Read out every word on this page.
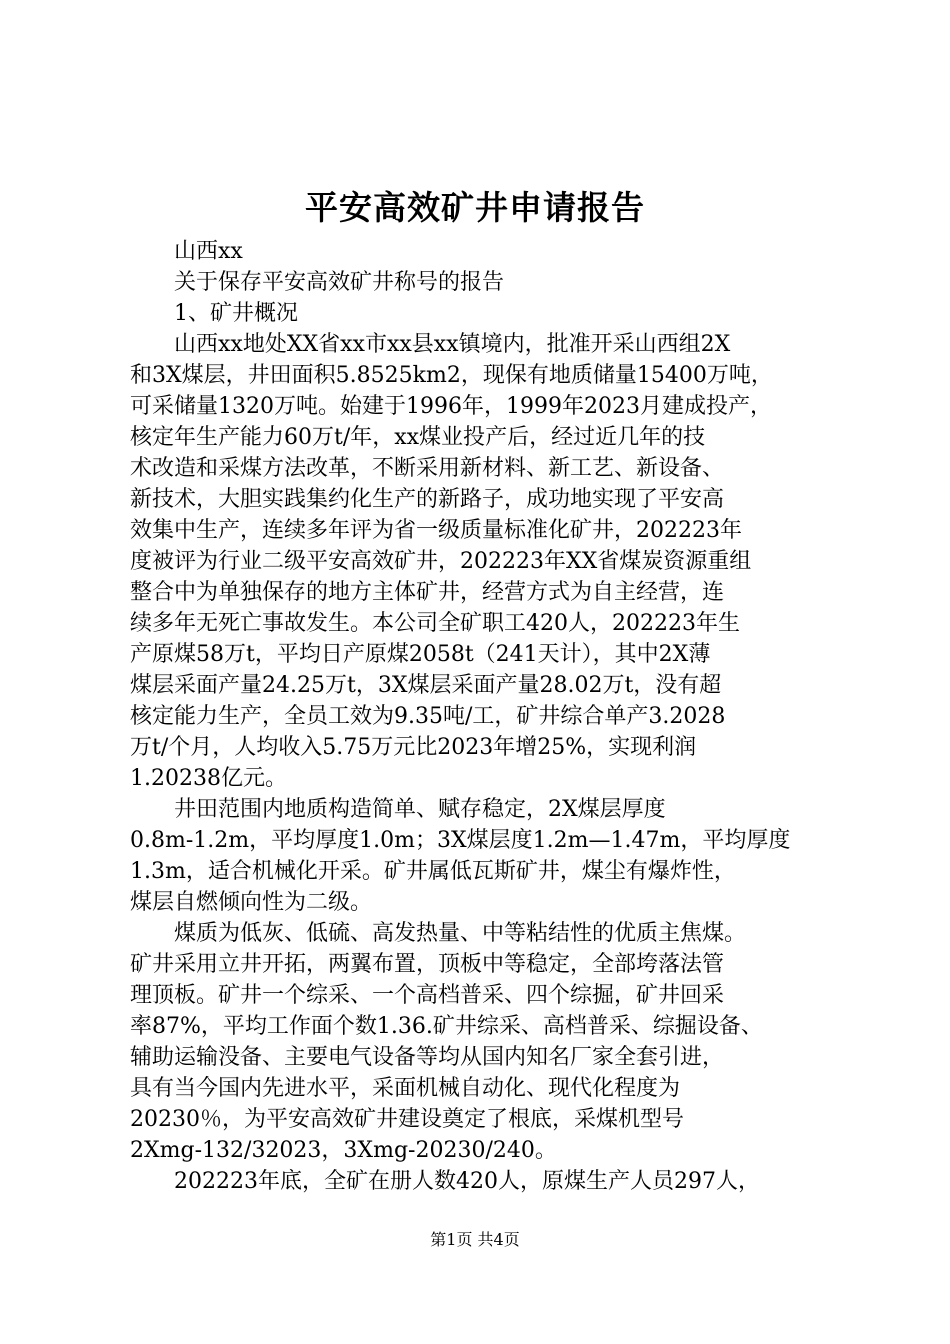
平安高效矿井申请报告
山西xx
关于保存平安高效矿井称号的报告
1、矿井概况
山西xx地处XX省xx市xx县xx镇境内，批准开采山西组2X
和3X煤层，井田面积5.8525km2，现保有地质储量15400万吨，
可采储量1320万吨。始建于1996年，1999年2023月建成投产，
核定年生产能力60万t/年，xx煤业投产后，经过近几年的技
术改造和采煤方法改革，不断采用新材料、新工艺、新设备、
新技术，大胆实践集约化生产的新路子，成功地实现了平安高
效集中生产，连续多年评为省一级质量标准化矿井，202223年
度被评为行业二级平安高效矿井，202223年XX省煤炭资源重组
整合中为单独保存的地方主体矿井，经营方式为自主经营，连
续多年无死亡事故发生。本公司全矿职工420人，202223年生
产原煤58万t，平均日产原煤2058t（241天计），其中2X薄
煤层采面产量24.25万t，3X煤层采面产量28.02万t，没有超
核定能力生产，全员工效为9.35吨/工，矿井综合单产3.2028
万t/个月，人均收入5.75万元比2023年增25%，实现利润
1.20238亿元。
井田范围内地质构造简单、赋存稳定，2X煤层厚度
0.8m-1.2m，平均厚度1.0m；3X煤层度1.2m—1.47m，平均厚度
1.3m，适合机械化开采。矿井属低瓦斯矿井，煤尘有爆炸性，
煤层自燃倾向性为二级。
煤质为低灰、低硫、高发热量、中等粘结性的优质主焦煤。
矿井采用立井开拓，两翼布置，顶板中等稳定，全部垮落法管
理顶板。矿井一个综采、一个高档普采、四个综掘，矿井回采
率87%，平均工作面个数1.36.矿井综采、高档普采、综掘设备、
辅助运输没备、主要电气设备等均从国内知名厂家全套引进，
具有当今国内先进水平，采面机械自动化、现代化程度为
20230％，为平安高效矿井建设奠定了根底，采煤机型号
2Xmg-132/32023，3Xmg-20230/240。
202223年底，全矿在册人数420人，原煤生产人员297人，
第1页 共4页
